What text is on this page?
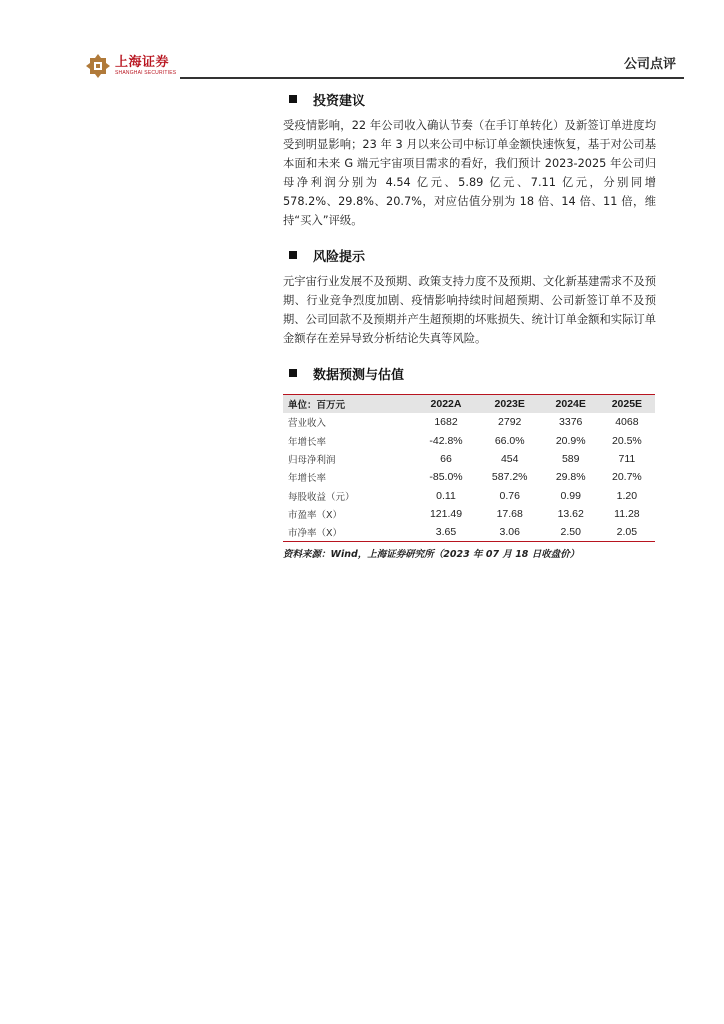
上海证券
SHANGHAI SECURITIES
公司点评
投资建议

受疫情影响，22 年公司收入确认节奏（在手订单转化）及新签订单进度均受到明显影响；23 年 3 月以来公司中标订单金额快速恢复，基于对公司基本面和未来 G 端元宇宙项目需求的看好，我们预计 2023-2025 年公司归母净利润分别为 4.54 亿元、5.89 亿元、7.11 亿元，分别同增 578.2%、29.8%、20.7%，对应估值分别为 18 倍、14 倍、11 倍，维持“买入”评级。

风险提示

元宇宙行业发展不及预期、政策支持力度不及预期、文化新基建需求不及预期、行业竞争烈度加剧、疫情影响持续时间超预期、公司新签订单不及预期、公司回款不及预期并产生超预期的坏账损失、统计订单金额和实际订单金额存在差异导致分析结论失真等风险。

数据预测与估值
单位：百万元	2022A	2023E	2024E	2025E
营业收入	1682	2792	3376	4068
年增长率	-42.8%	66.0%	20.9%	20.5%
归母净利润	66	454	589	711
年增长率	-85.0%	587.2%	29.8%	20.7%
每股收益（元）	0.11	0.76	0.99	1.20
市盈率（X）	121.49	17.68	13.62	11.28
市净率（X）	3.65	3.06	2.50	2.05
资料来源：Wind，上海证券研究所（2023 年 07 月 18 日收盘价）
